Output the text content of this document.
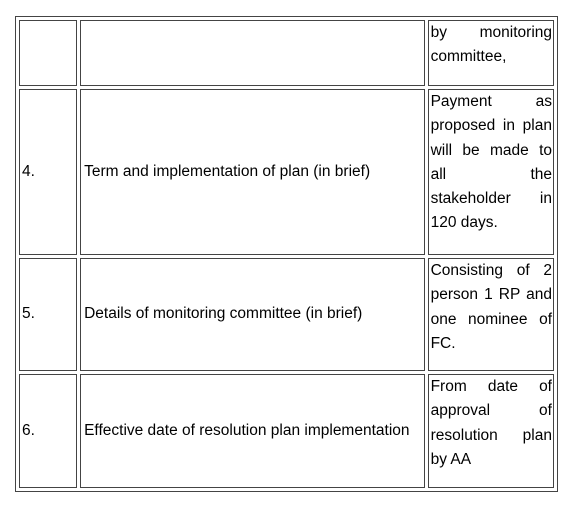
		by monitoring committee,
4.	Term and implementation of plan (in brief)	Payment as proposed in plan will be made to all the stakeholder in 120 days.
5.	Details of monitoring committee (in brief)	Consisting of 2 person 1 RP and one nominee of FC.
6.	Effective date of resolution plan implementation	From date of approval of resolution plan by AA
